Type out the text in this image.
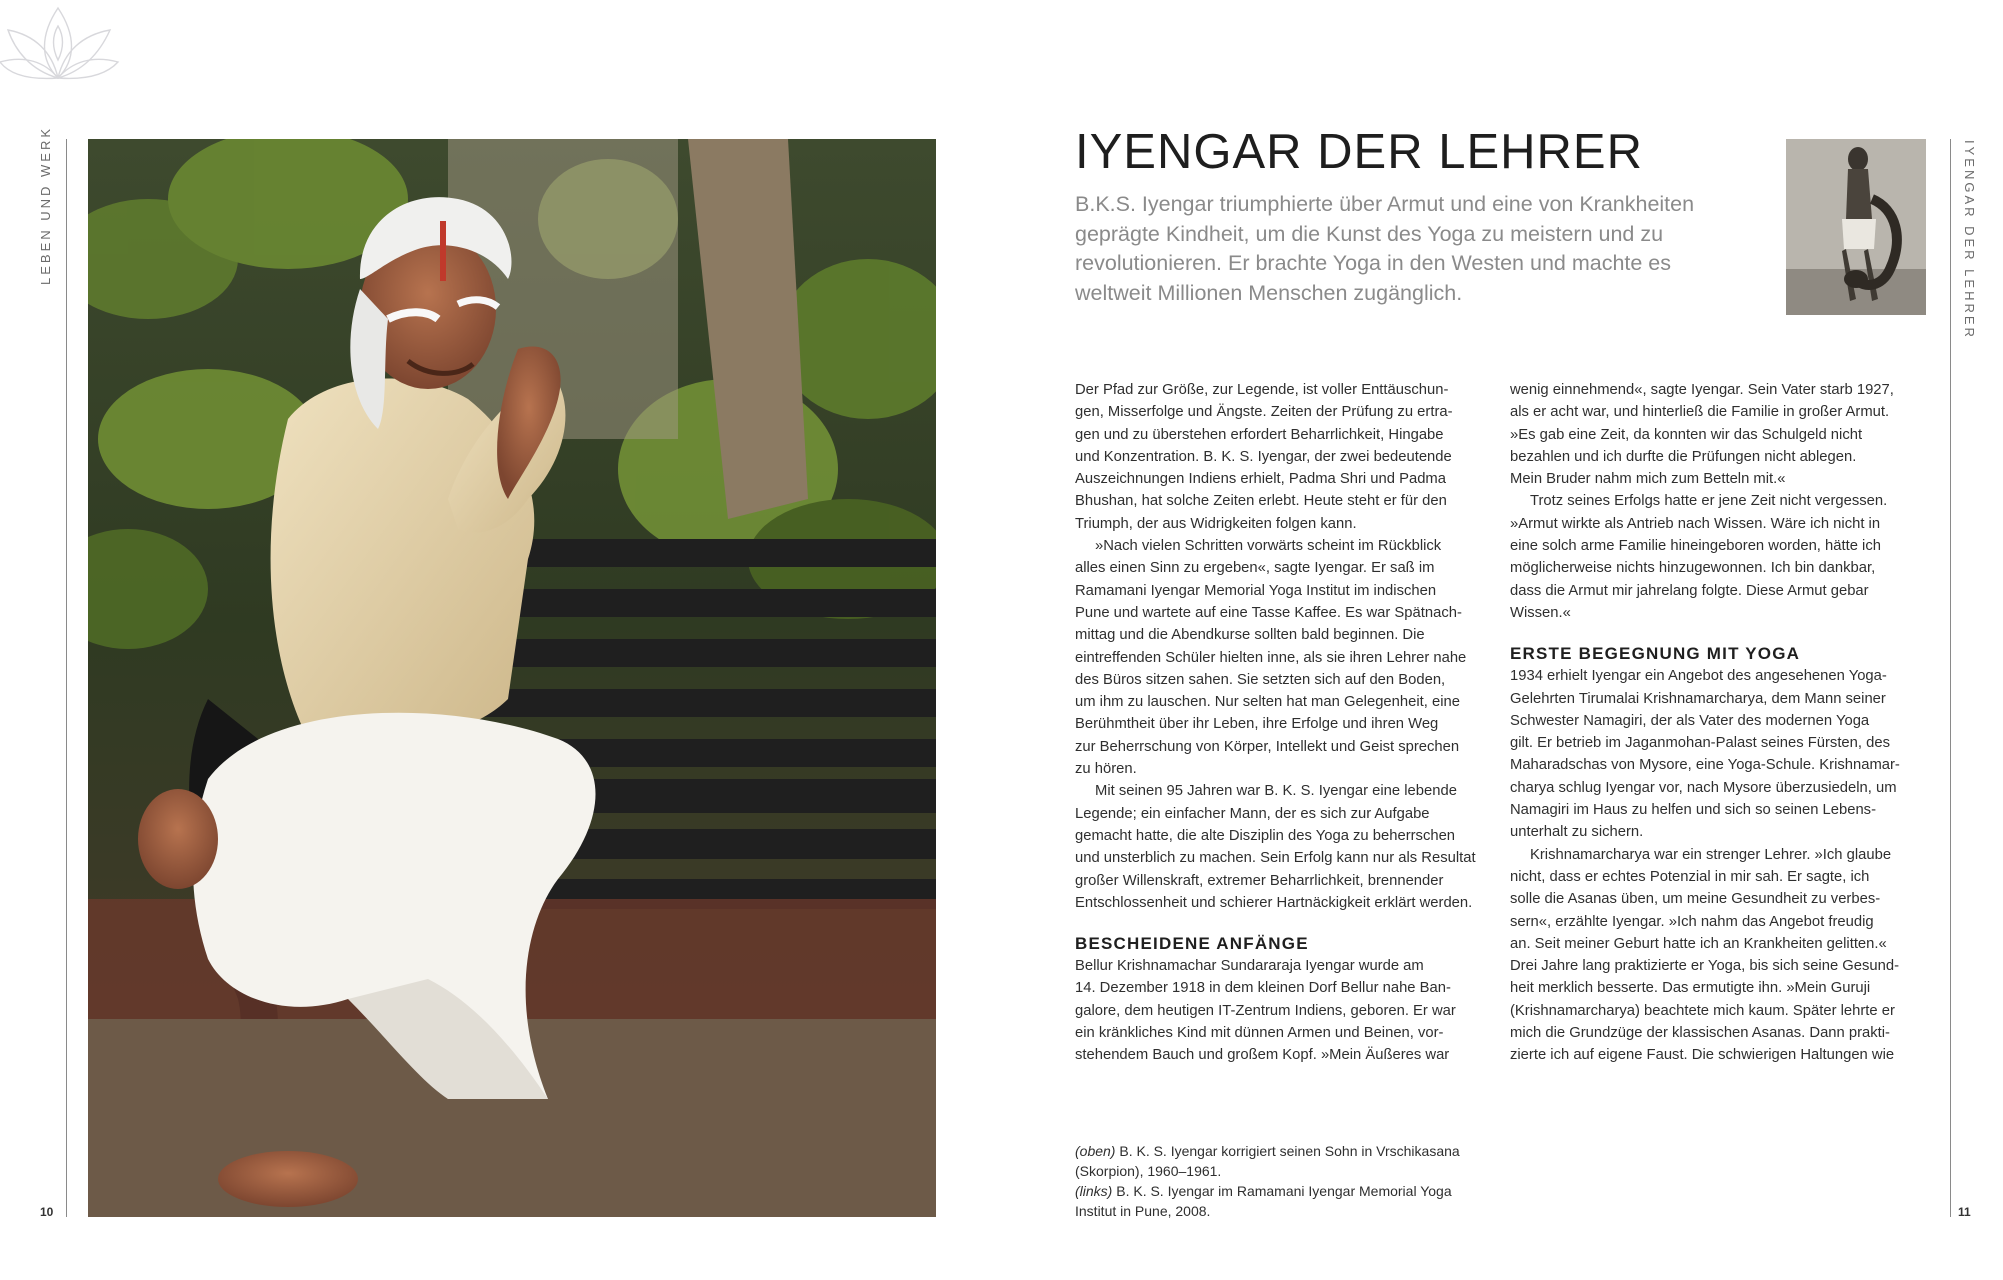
LEBEN UND WERK	IYENGAR DER LEHRER
10	11
IYENGAR DER LEHRER
B.K.S. Iyengar triumphierte über Armut und eine von Krankheiten
geprägte Kindheit, um die Kunst des Yoga zu meistern und zu
revolutionieren. Er brachte Yoga in den Westen und machte es
weltweit Millionen Menschen zugänglich.

Der Pfad zur Größe, zur Legende, ist voller Enttäuschun-
gen, Misserfolge und Ängste. Zeiten der Prüfung zu ertra-
gen und zu überstehen erfordert Beharrlichkeit, Hingabe
und Konzentration. B. K. S. Iyengar, der zwei bedeutende
Auszeichnungen Indiens erhielt, Padma Shri und Padma
Bhushan, hat solche Zeiten erlebt. Heute steht er für den
Triumph, der aus Widrigkeiten folgen kann.

»Nach vielen Schritten vorwärts scheint im Rückblick
alles einen Sinn zu ergeben«, sagte Iyengar. Er saß im
Ramamani Iyengar Memorial Yoga Institut im indischen
Pune und wartete auf eine Tasse Kaffee. Es war Spätnach-
mittag und die Abendkurse sollten bald beginnen. Die
eintreffenden Schüler hielten inne, als sie ihren Lehrer nahe
des Büros sitzen sahen. Sie setzten sich auf den Boden,
um ihm zu lauschen. Nur selten hat man Gelegenheit, eine
Berühmtheit über ihr Leben, ihre Erfolge und ihren Weg
zur Beherrschung von Körper, Intellekt und Geist sprechen
zu hören.

Mit seinen 95 Jahren war B. K. S. Iyengar eine lebende
Legende; ein einfacher Mann, der es sich zur Aufgabe
gemacht hatte, die alte Disziplin des Yoga zu beherrschen
und unsterblich zu machen. Sein Erfolg kann nur als Resultat
großer Willenskraft, extremer Beharrlichkeit, brennender
Entschlossenheit und schierer Hartnäckigkeit erklärt werden.

BESCHEIDENE ANFÄNGE

Bellur Krishnamachar Sundararaja Iyengar wurde am
14. Dezember 1918 in dem kleinen Dorf Bellur nahe Ban-
galore, dem heutigen IT-Zentrum Indiens, geboren. Er war
ein kränkliches Kind mit dünnen Armen und Beinen, vor-
stehendem Bauch und großem Kopf. »Mein Äußeres war

wenig einnehmend«, sagte Iyengar. Sein Vater starb 1927,
als er acht war, und hinterließ die Familie in großer Armut.
»Es gab eine Zeit, da konnten wir das Schulgeld nicht
bezahlen und ich durfte die Prüfungen nicht ablegen.
Mein Bruder nahm mich zum Betteln mit.«

Trotz seines Erfolgs hatte er jene Zeit nicht vergessen.
»Armut wirkte als Antrieb nach Wissen. Wäre ich nicht in
eine solch arme Familie hineingeboren worden, hätte ich
möglicherweise nichts hinzugewonnen. Ich bin dankbar,
dass die Armut mir jahrelang folgte. Diese Armut gebar
Wissen.«

ERSTE BEGEGNUNG MIT YOGA

1934 erhielt Iyengar ein Angebot des angesehenen Yoga-
Gelehrten Tirumalai Krishnamarcharya, dem Mann seiner
Schwester Namagiri, der als Vater des modernen Yoga
gilt. Er betrieb im Jaganmohan-Palast seines Fürsten, des
Maharadschas von Mysore, eine Yoga-Schule. Krishnamar-
charya schlug Iyengar vor, nach Mysore überzusiedeln, um
Namagiri im Haus zu helfen und sich so seinen Lebens-
unterhalt zu sichern.

Krishnamarcharya war ein strenger Lehrer. »Ich glaube
nicht, dass er echtes Potenzial in mir sah. Er sagte, ich
solle die Asanas üben, um meine Gesundheit zu verbes-
sern«, erzählte Iyengar. »Ich nahm das Angebot freudig
an. Seit meiner Geburt hatte ich an Krankheiten gelitten.«
Drei Jahre lang praktizierte er Yoga, bis sich seine Gesund-
heit merklich besserte. Das ermutigte ihn. »Mein Guruji
(Krishnamarcharya) beachtete mich kaum. Später lehrte er
mich die Grundzüge der klassischen Asanas. Dann prakti-
zierte ich auf eigene Faust. Die schwierigen Haltungen wie

(oben) B. K. S. Iyengar korrigiert seinen Sohn in Vrschikasana
(Skorpion), 1960–1961.
(links) B. K. S. Iyengar im Ramamani Iyengar Memorial Yoga
Institut in Pune, 2008.
